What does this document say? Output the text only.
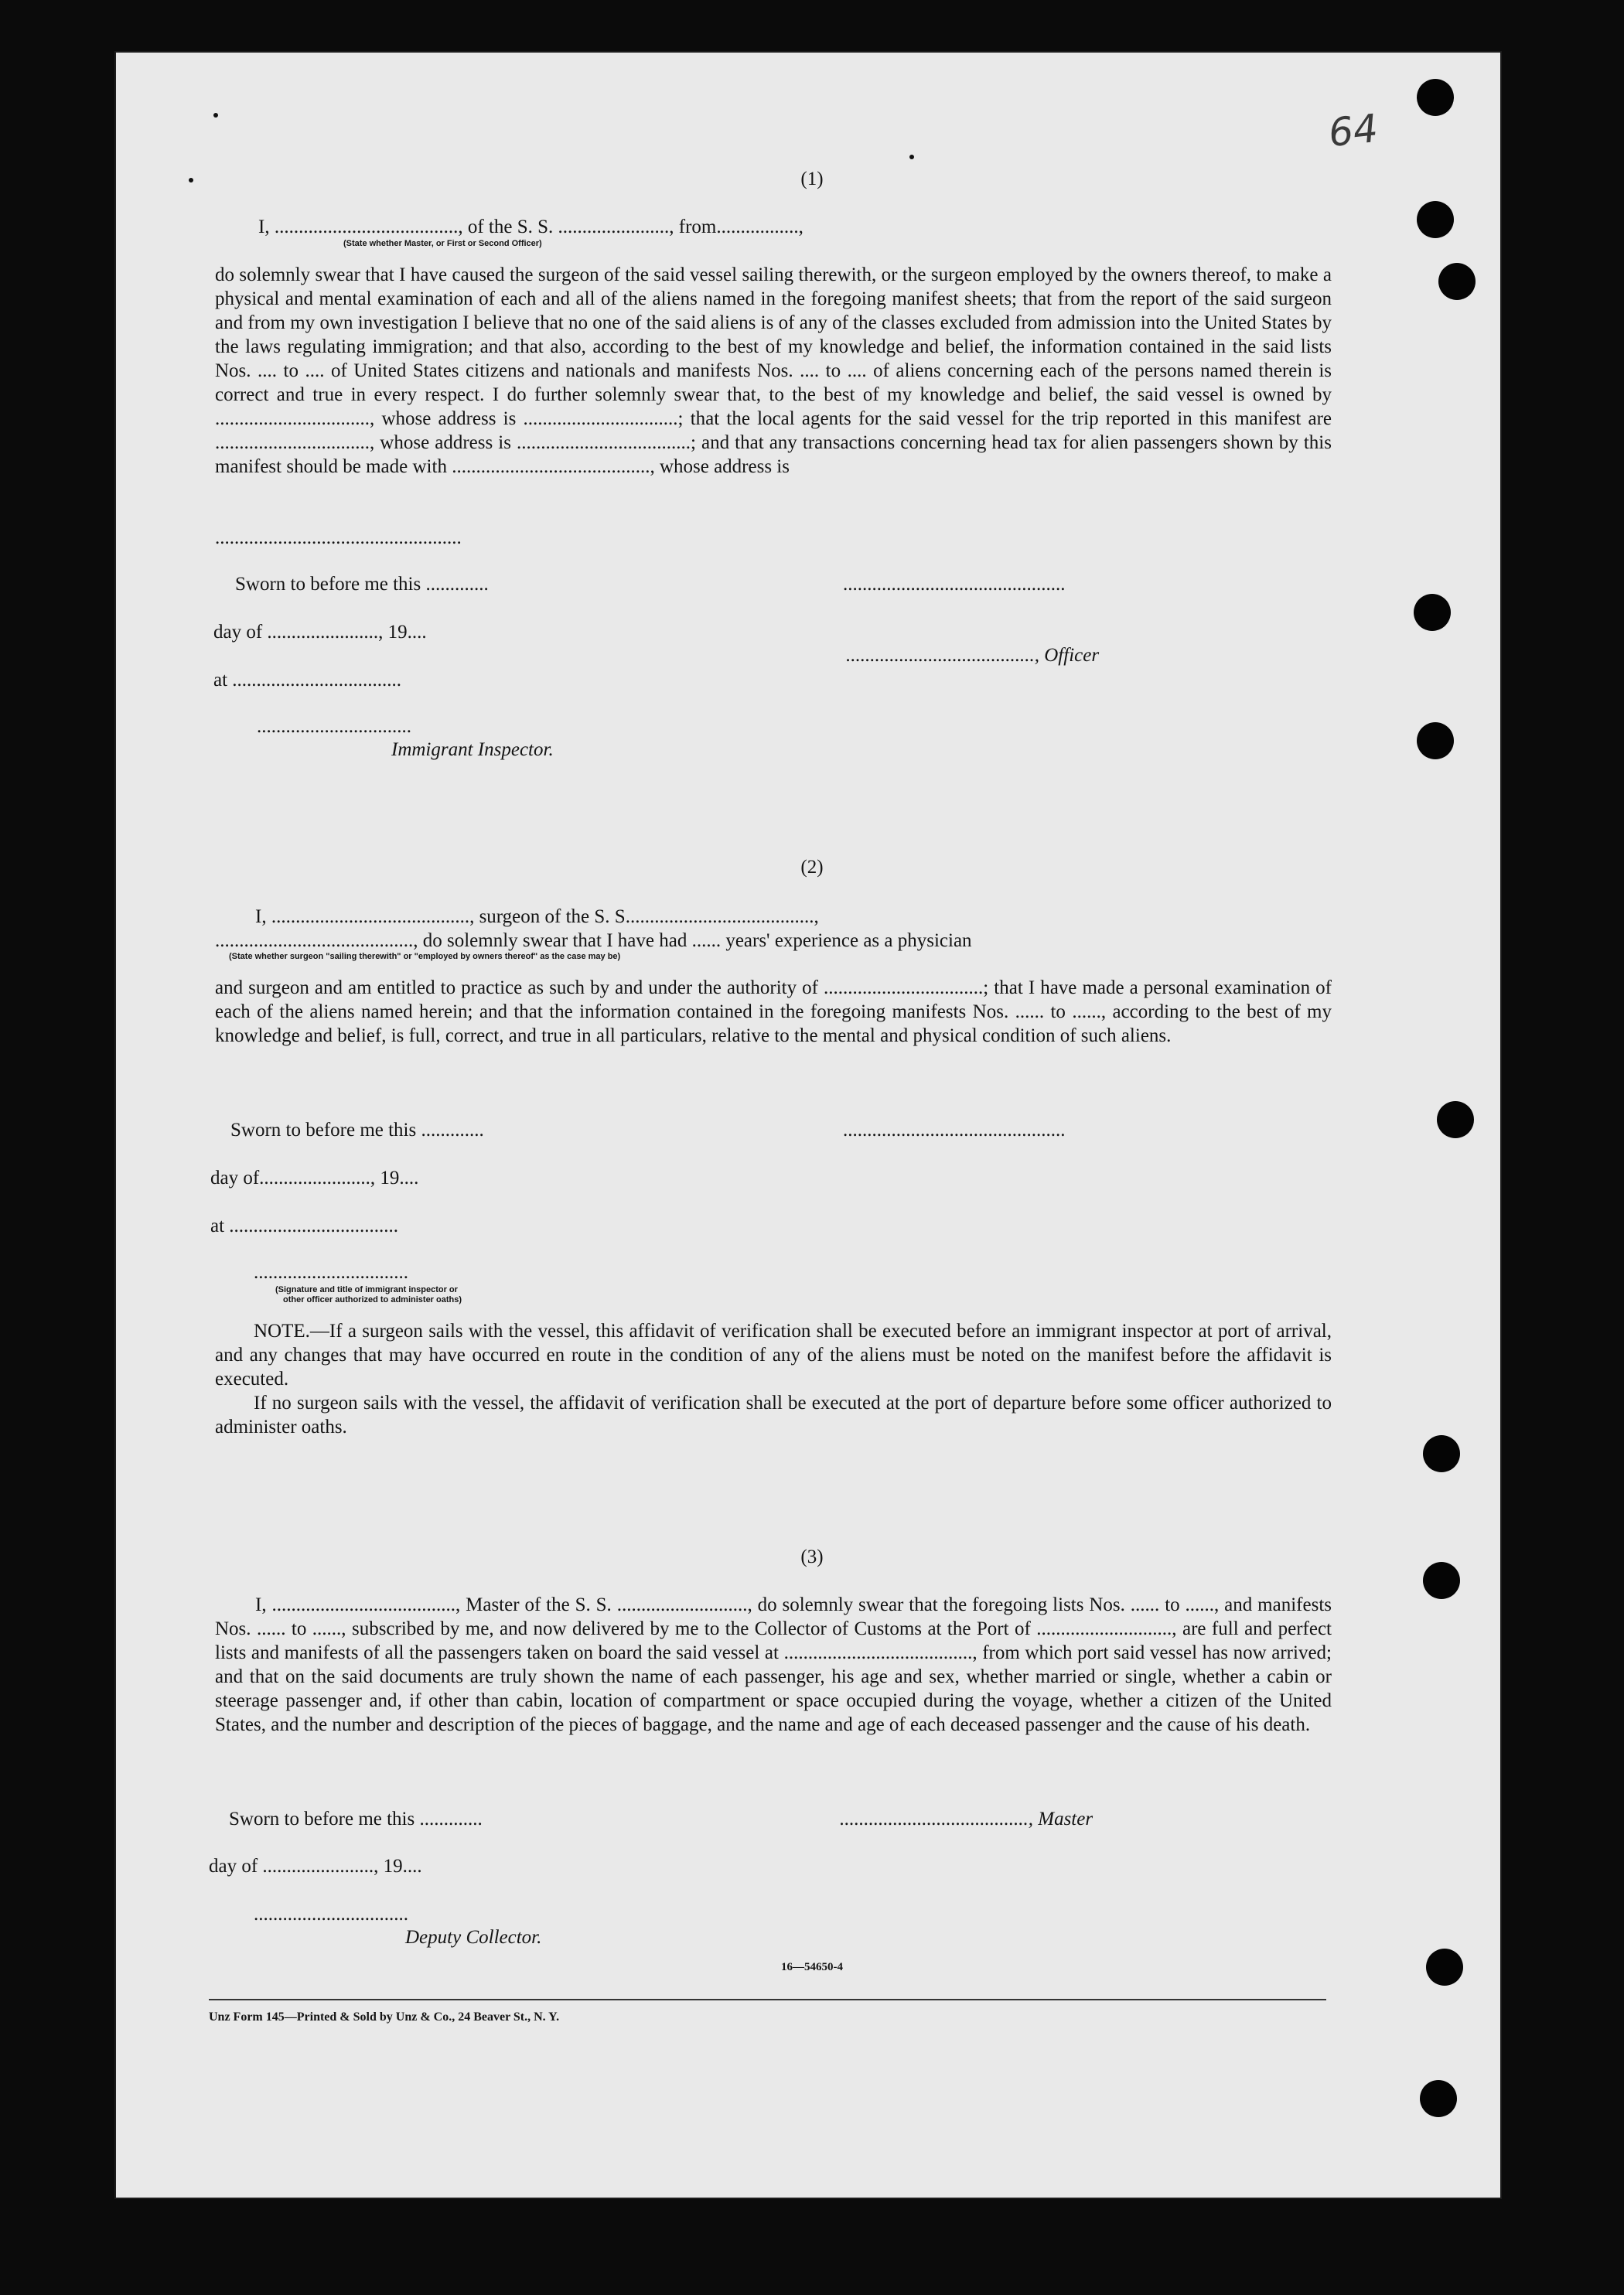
64
(1)
I, ......................................, of the S. S. ......................., from.................,
(State whether Master, or First or Second Officer)
do solemnly swear that I have caused the surgeon of the said vessel sailing therewith, or the surgeon employed by the owners thereof, to make a physical and mental examination of each and all of the aliens named in the foregoing manifest sheets; that from the report of the said surgeon and from my own investigation I believe that no one of the said aliens is of any of the classes excluded from admission into the United States by the laws regulating immigration; and that also, according to the best of my knowledge and belief, the information contained in the said lists Nos. .... to .... of United States citizens and nationals and manifests Nos. .... to .... of aliens concerning each of the persons named therein is correct and true in every respect. I do further solemnly swear that, to the best of my knowledge and belief, the said vessel is owned by ................................, whose address is ................................; that the local agents for the said vessel for the trip reported in this manifest are ................................, whose address is ....................................; and that any transactions concerning head tax for alien passengers shown by this manifest should be made with ........................................., whose address is
...................................................
Sworn to before me this .............	..............................................
day of ......................., 19....
......................................., Officer
at ...................................
................................
Immigrant Inspector.
(2)
I, ........................................., surgeon of the S. S.......................................,
........................................., do solemnly swear that I have had ...... years' experience as a physician
(State whether surgeon "sailing therewith" or "employed by owners thereof" as the case may be)
and surgeon and am entitled to practice as such by and under the authority of .................................; that I have made a personal examination of each of the aliens named herein; and that the information contained in the foregoing manifests Nos. ...... to ......, according to the best of my knowledge and belief, is full, correct, and true in all particulars, relative to the mental and physical condition of such aliens.
Sworn to before me this .............	..............................................
day of......................., 19....
at ...................................
................................
(Signature and title of immigrant inspector or
other officer authorized to administer oaths)
NOTE.—If a surgeon sails with the vessel, this affidavit of verification shall be executed before an immigrant inspector at port of arrival, and any changes that may have occurred en route in the condition of any of the aliens must be noted on the manifest before the affidavit is executed.
If no surgeon sails with the vessel, the affidavit of verification shall be executed at the port of departure before some officer authorized to administer oaths.
(3)
I, ......................................, Master of the S. S. ..........................., do solemnly swear that the foregoing lists Nos. ...... to ......, and manifests Nos. ...... to ......, subscribed by me, and now delivered by me to the Collector of Customs at the Port of ............................, are full and perfect lists and manifests of all the passengers taken on board the said vessel at ......................................., from which port said vessel has now arrived; and that on the said documents are truly shown the name of each passenger, his age and sex, whether married or single, whether a cabin or steerage passenger and, if other than cabin, location of compartment or space occupied during the voyage, whether a citizen of the United States, and the number and description of the pieces of baggage, and the name and age of each deceased passenger and the cause of his death.
Sworn to before me this .............	......................................., Master
day of ......................., 19....
................................
Deputy Collector.
16—54650-4
Unz Form 145—Printed & Sold by Unz & Co., 24 Beaver St., N. Y.
